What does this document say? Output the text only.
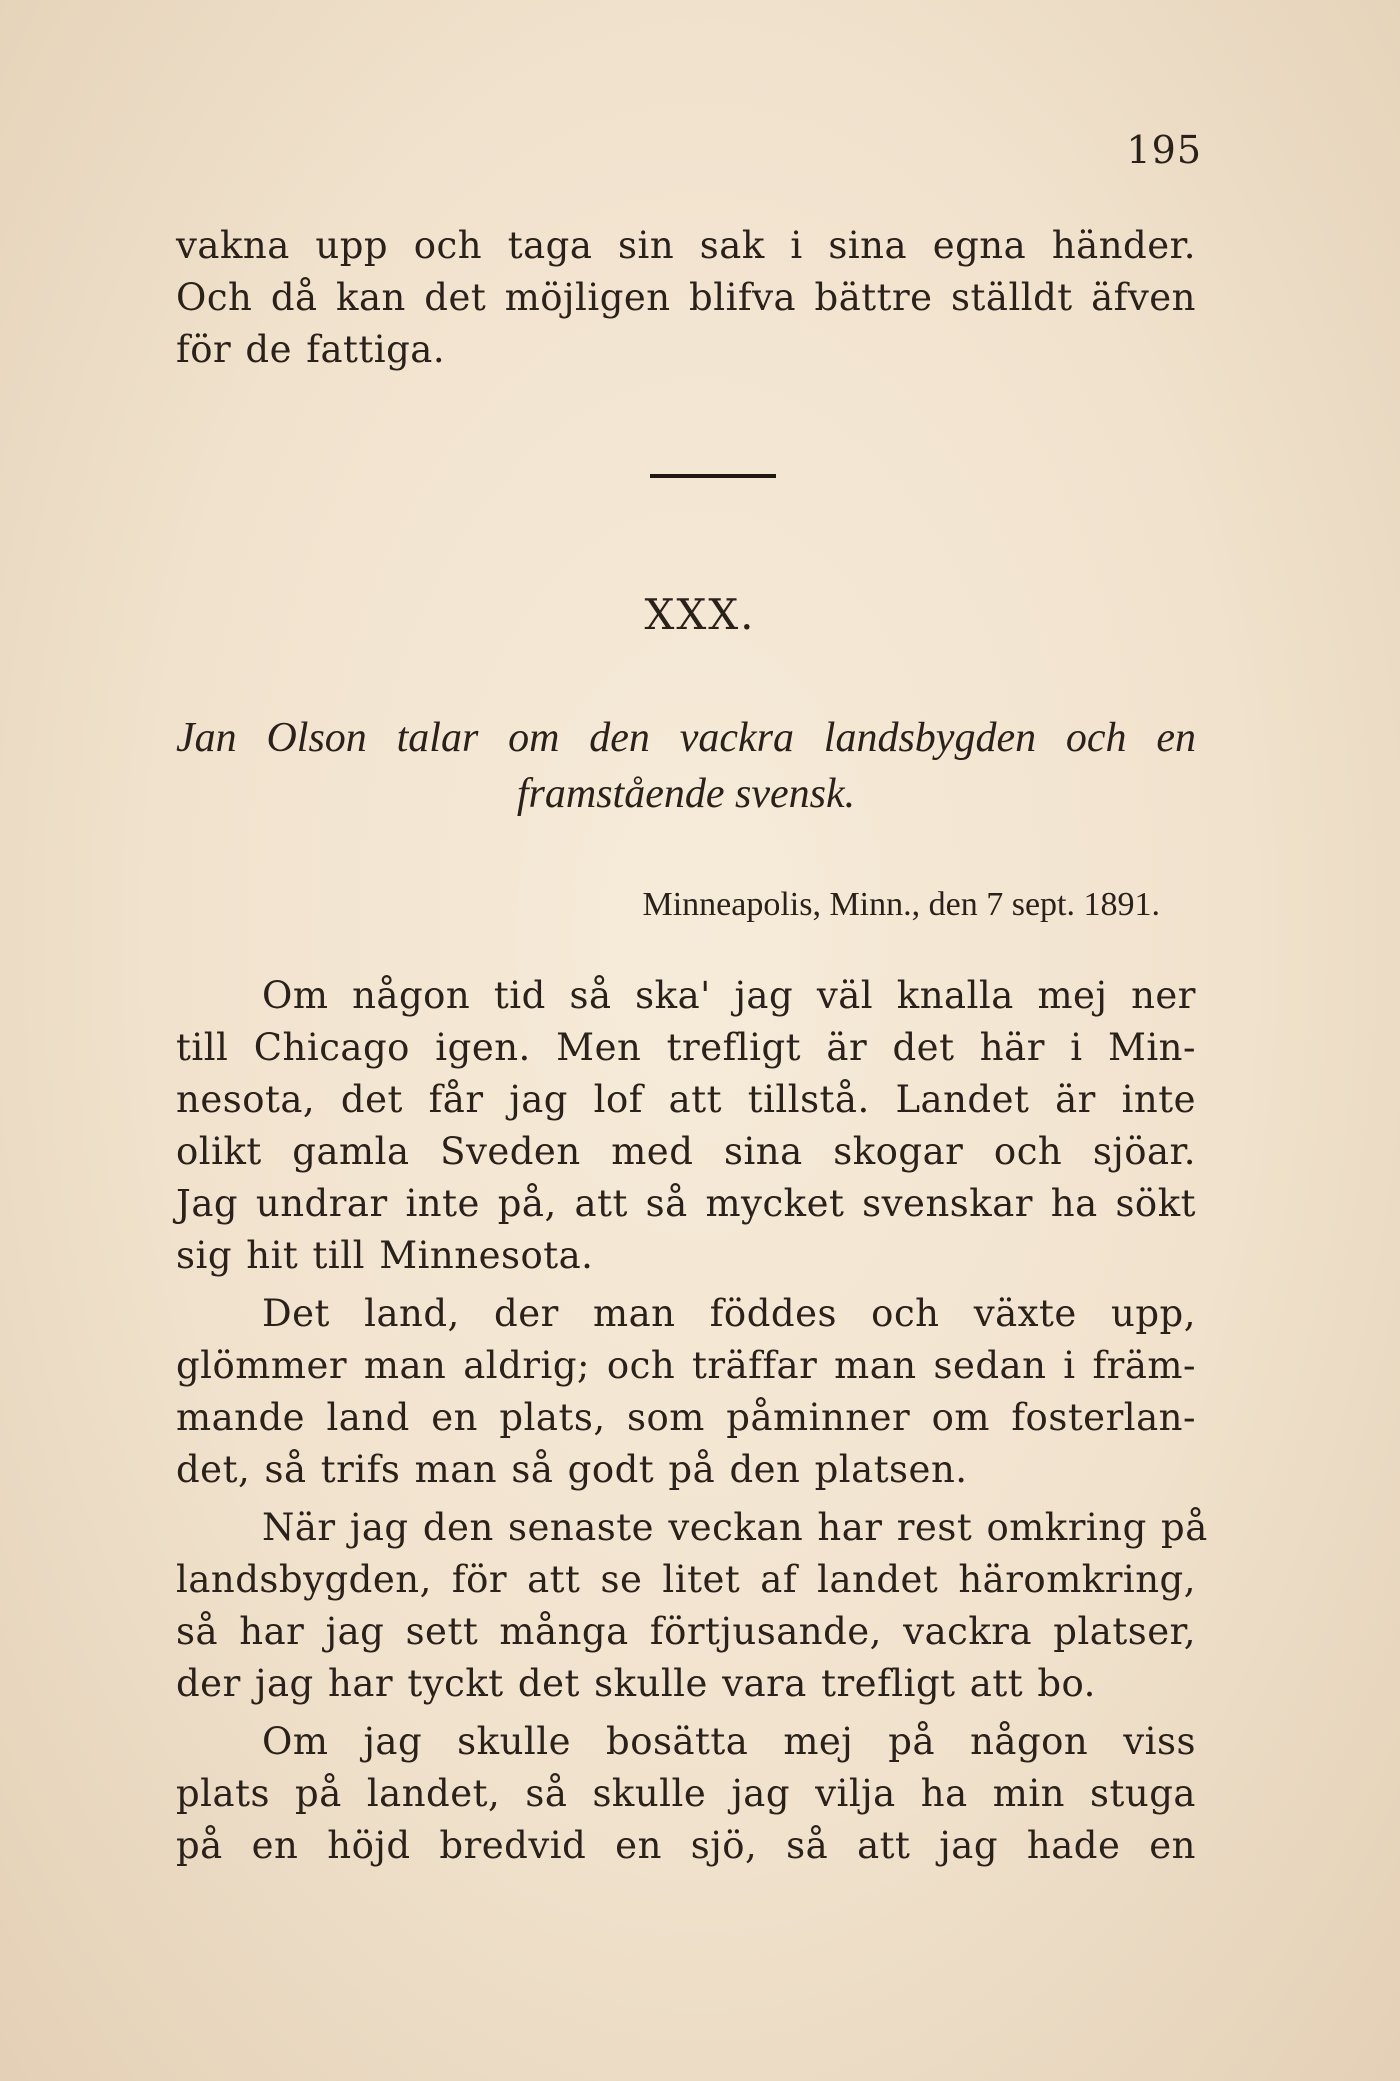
195
vakna upp och taga sin sak i sina egna händer.
Och då kan det möjligen blifva bättre ställdt äfven
för de fattiga.
XXX.
Jan Olson talar om den vackra landsbygden och en
framstående svensk.
Minneapolis, Minn., den 7 sept. 1891.
Om någon tid så ska' jag väl knalla mej ner
till Chicago igen. Men trefligt är det här i Min-
nesota, det får jag lof att tillstå. Landet är inte
olikt gamla Sveden med sina skogar och sjöar.
Jag undrar inte på, att så mycket svenskar ha sökt
sig hit till Minnesota.
Det land, der man föddes och växte upp,
glömmer man aldrig; och träffar man sedan i främ-
mande land en plats, som påminner om fosterlan-
det, så trifs man så godt på den platsen.
När jag den senaste veckan har rest omkring på
landsbygden, för att se litet af landet häromkring,
så har jag sett många förtjusande, vackra platser,
der jag har tyckt det skulle vara trefligt att bo.
Om jag skulle bosätta mej på någon viss
plats på landet, så skulle jag vilja ha min stuga
på en höjd bredvid en sjö, så att jag hade en
